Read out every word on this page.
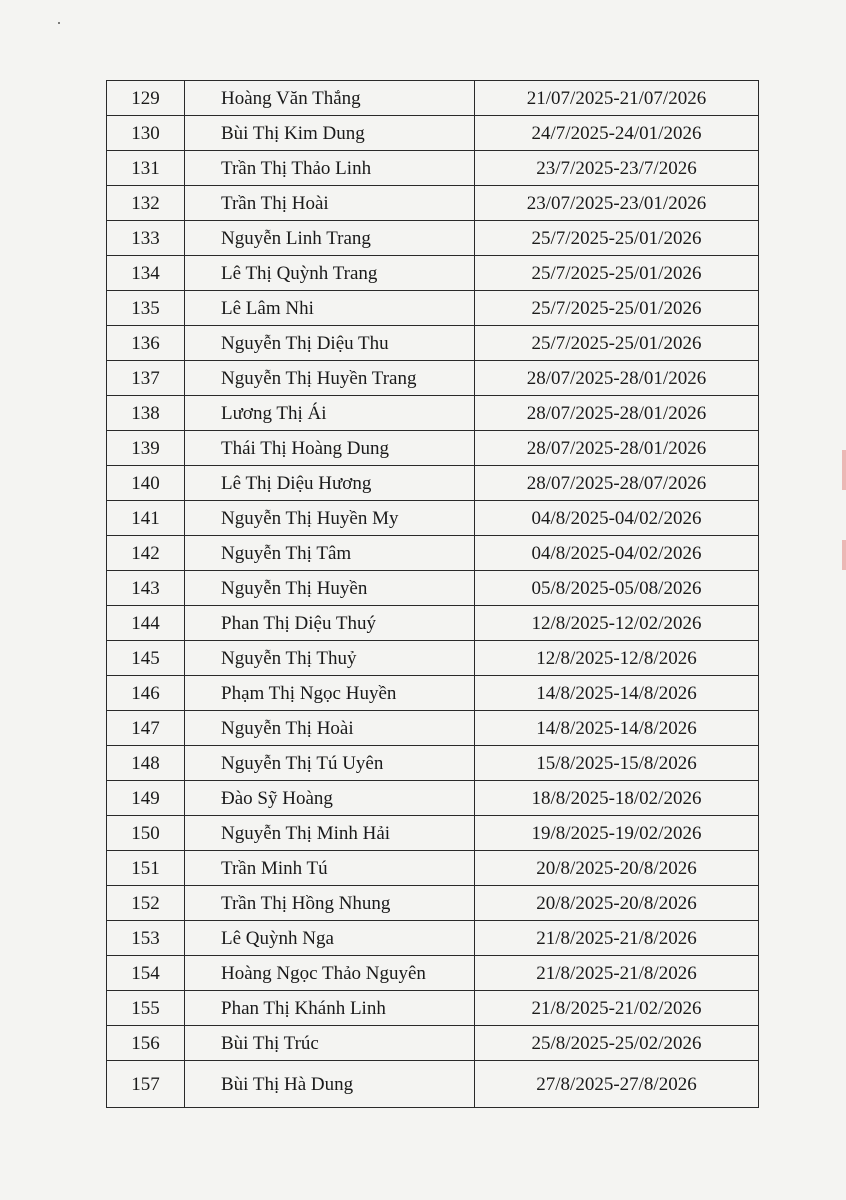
129	Hoàng Văn Thắng	21/07/2025-21/07/2026
130	Bùi Thị Kim Dung	24/7/2025-24/01/2026
131	Trần Thị Thảo Linh	23/7/2025-23/7/2026
132	Trần Thị Hoài	23/07/2025-23/01/2026
133	Nguyễn Linh Trang	25/7/2025-25/01/2026
134	Lê Thị Quỳnh Trang	25/7/2025-25/01/2026
135	Lê Lâm Nhi	25/7/2025-25/01/2026
136	Nguyễn Thị Diệu Thu	25/7/2025-25/01/2026
137	Nguyễn Thị Huyền Trang	28/07/2025-28/01/2026
138	Lương Thị Ái	28/07/2025-28/01/2026
139	Thái Thị Hoàng Dung	28/07/2025-28/01/2026
140	Lê Thị Diệu Hương	28/07/2025-28/07/2026
141	Nguyễn Thị Huyền My	04/8/2025-04/02/2026
142	Nguyễn Thị Tâm	04/8/2025-04/02/2026
143	Nguyễn Thị Huyền	05/8/2025-05/08/2026
144	Phan Thị Diệu Thuý	12/8/2025-12/02/2026
145	Nguyễn Thị Thuỷ	12/8/2025-12/8/2026
146	Phạm Thị Ngọc Huyền	14/8/2025-14/8/2026
147	Nguyễn Thị Hoài	14/8/2025-14/8/2026
148	Nguyễn Thị Tú Uyên	15/8/2025-15/8/2026
149	Đào Sỹ Hoàng	18/8/2025-18/02/2026
150	Nguyễn Thị Minh Hải	19/8/2025-19/02/2026
151	Trần Minh Tú	20/8/2025-20/8/2026
152	Trần Thị Hồng Nhung	20/8/2025-20/8/2026
153	Lê Quỳnh Nga	21/8/2025-21/8/2026
154	Hoàng Ngọc Thảo Nguyên	21/8/2025-21/8/2026
155	Phan Thị Khánh Linh	21/8/2025-21/02/2026
156	Bùi Thị Trúc	25/8/2025-25/02/2026
157	Bùi Thị Hà Dung	27/8/2025-27/8/2026
